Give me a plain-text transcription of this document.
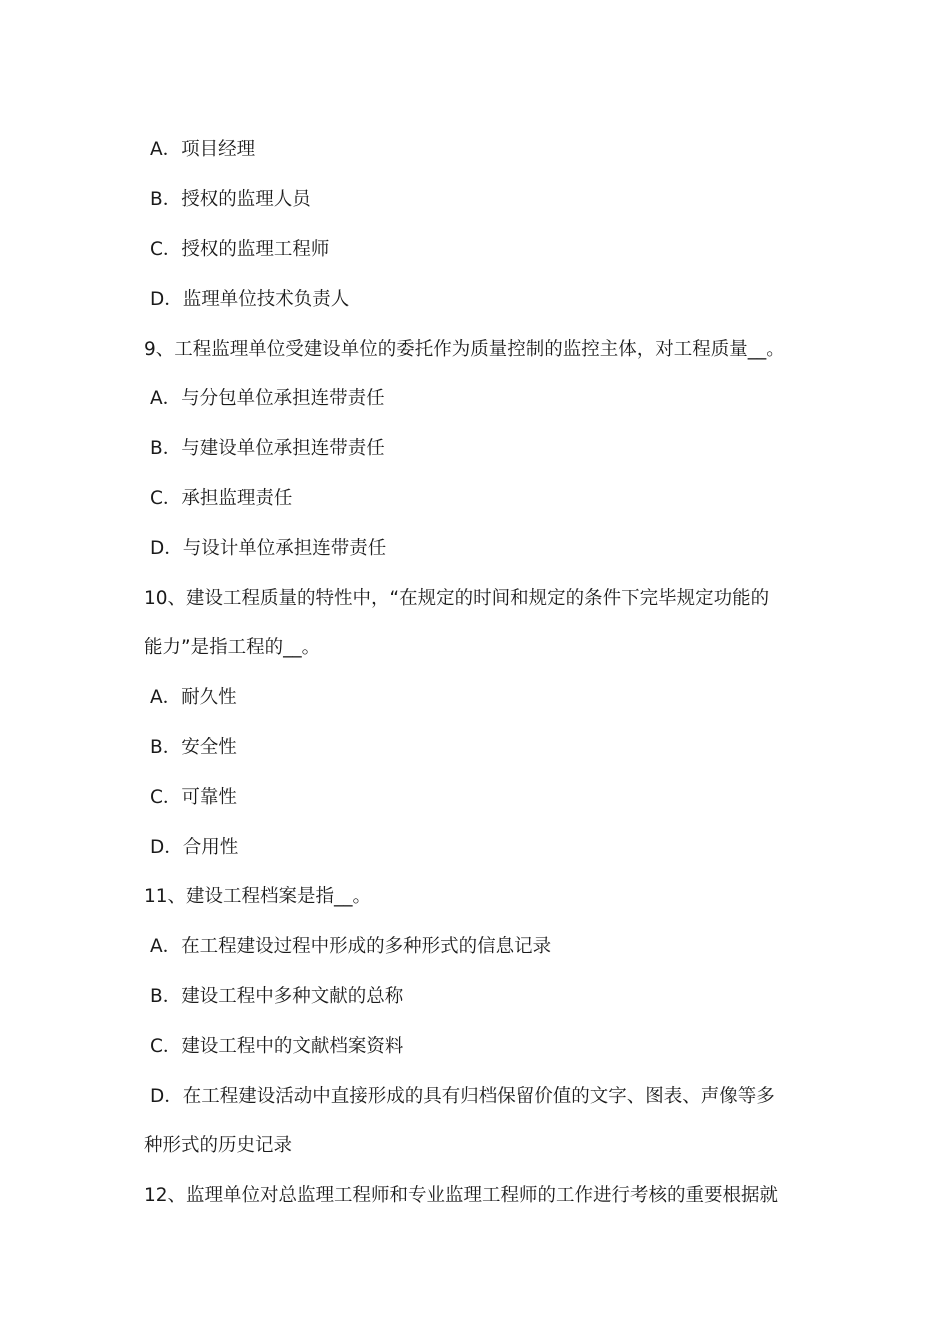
A．项目经理
B．授权的监理人员
C．授权的监理工程师
D．监理单位技术负责人
9、工程监理单位受建设单位的委托作为质量控制的监控主体，对工程质量__。
A．与分包单位承担连带责任
B．与建设单位承担连带责任
C．承担监理责任
D．与设计单位承担连带责任
10、建设工程质量的特性中，“在规定的时间和规定的条件下完毕规定功能的
能力”是指工程的__。
A．耐久性
B．安全性
C．可靠性
D．合用性
11、建设工程档案是指__。
A．在工程建设过程中形成的多种形式的信息记录
B．建设工程中多种文献的总称
C．建设工程中的文献档案资料
D．在工程建设活动中直接形成的具有归档保留价值的文字、图表、声像等多
种形式的历史记录
12、监理单位对总监理工程师和专业监理工程师的工作进行考核的重要根据就
